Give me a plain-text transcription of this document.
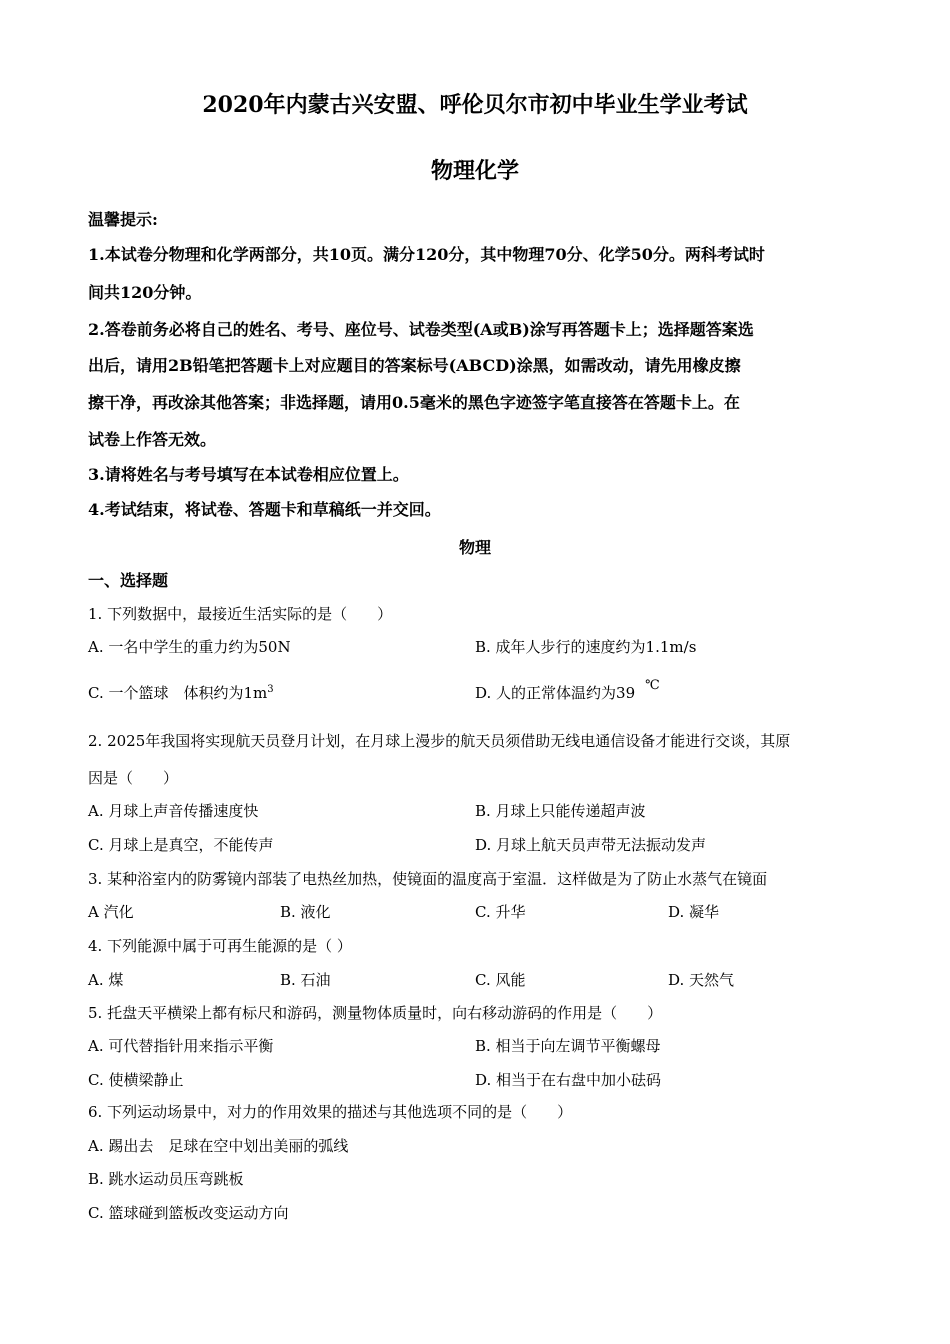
2020年内蒙古兴安盟、呼伦贝尔市初中毕业生学业考试
物理化学
温馨提示:
1.本试卷分物理和化学两部分，共10页。满分120分，其中物理70分、化学50分。两科考试时
间共120分钟。
2.答卷前务必将自己的姓名、考号、座位号、试卷类型(A或B)涂写再答题卡上；选择题答案选
出后，请用2B铅笔把答题卡上对应题目的答案标号(ABCD)涂黑，如需改动，请先用橡皮擦
擦干净，再改涂其他答案；非选择题，请用0.5毫米的黑色字迹签字笔直接答在答题卡上。在
试卷上作答无效。
3.请将姓名与考号填写在本试卷相应位置上。
4.考试结束，将试卷、答题卡和草稿纸一并交回。
物理
一、选择题
1. 下列数据中，最接近生活实际的是（　　）
A. 一名中学生的重力约为50N	B. 成年人步行的速度约为1.1m/s
C. 一个篮球　体积约为$1m^3$	D. 人的正常体温约为39 ℃
2. 2025年我国将实现航天员登月计划，在月球上漫步的航天员须借助无线电通信设备才能进行交谈，其原
因是（　　）
A. 月球上声音传播速度快	B. 月球上只能传递超声波
C. 月球上是真空，不能传声	D. 月球上航天员声带无法振动发声
3. 某种浴室内的防雾镜内部装了电热丝加热，使镜面的温度高于室温．这样做是为了防止水蒸气在镜面
A 汽化	B. 液化	C. 升华	D. 凝华
4. 下列能源中属于可再生能源的是（ ）
A. 煤	B. 石油	C. 风能	D. 天然气
5. 托盘天平横梁上都有标尺和游码，测量物体质量时，向右移动游码的作用是（　　）
A. 可代替指针用来指示平衡	B. 相当于向左调节平衡螺母
C. 使横梁静止	D. 相当于在右盘中加小砝码
6. 下列运动场景中，对力的作用效果的描述与其他选项不同的是（　　）
A. 踢出去　足球在空中划出美丽的弧线
B. 跳水运动员压弯跳板
C. 篮球碰到篮板改变运动方向
